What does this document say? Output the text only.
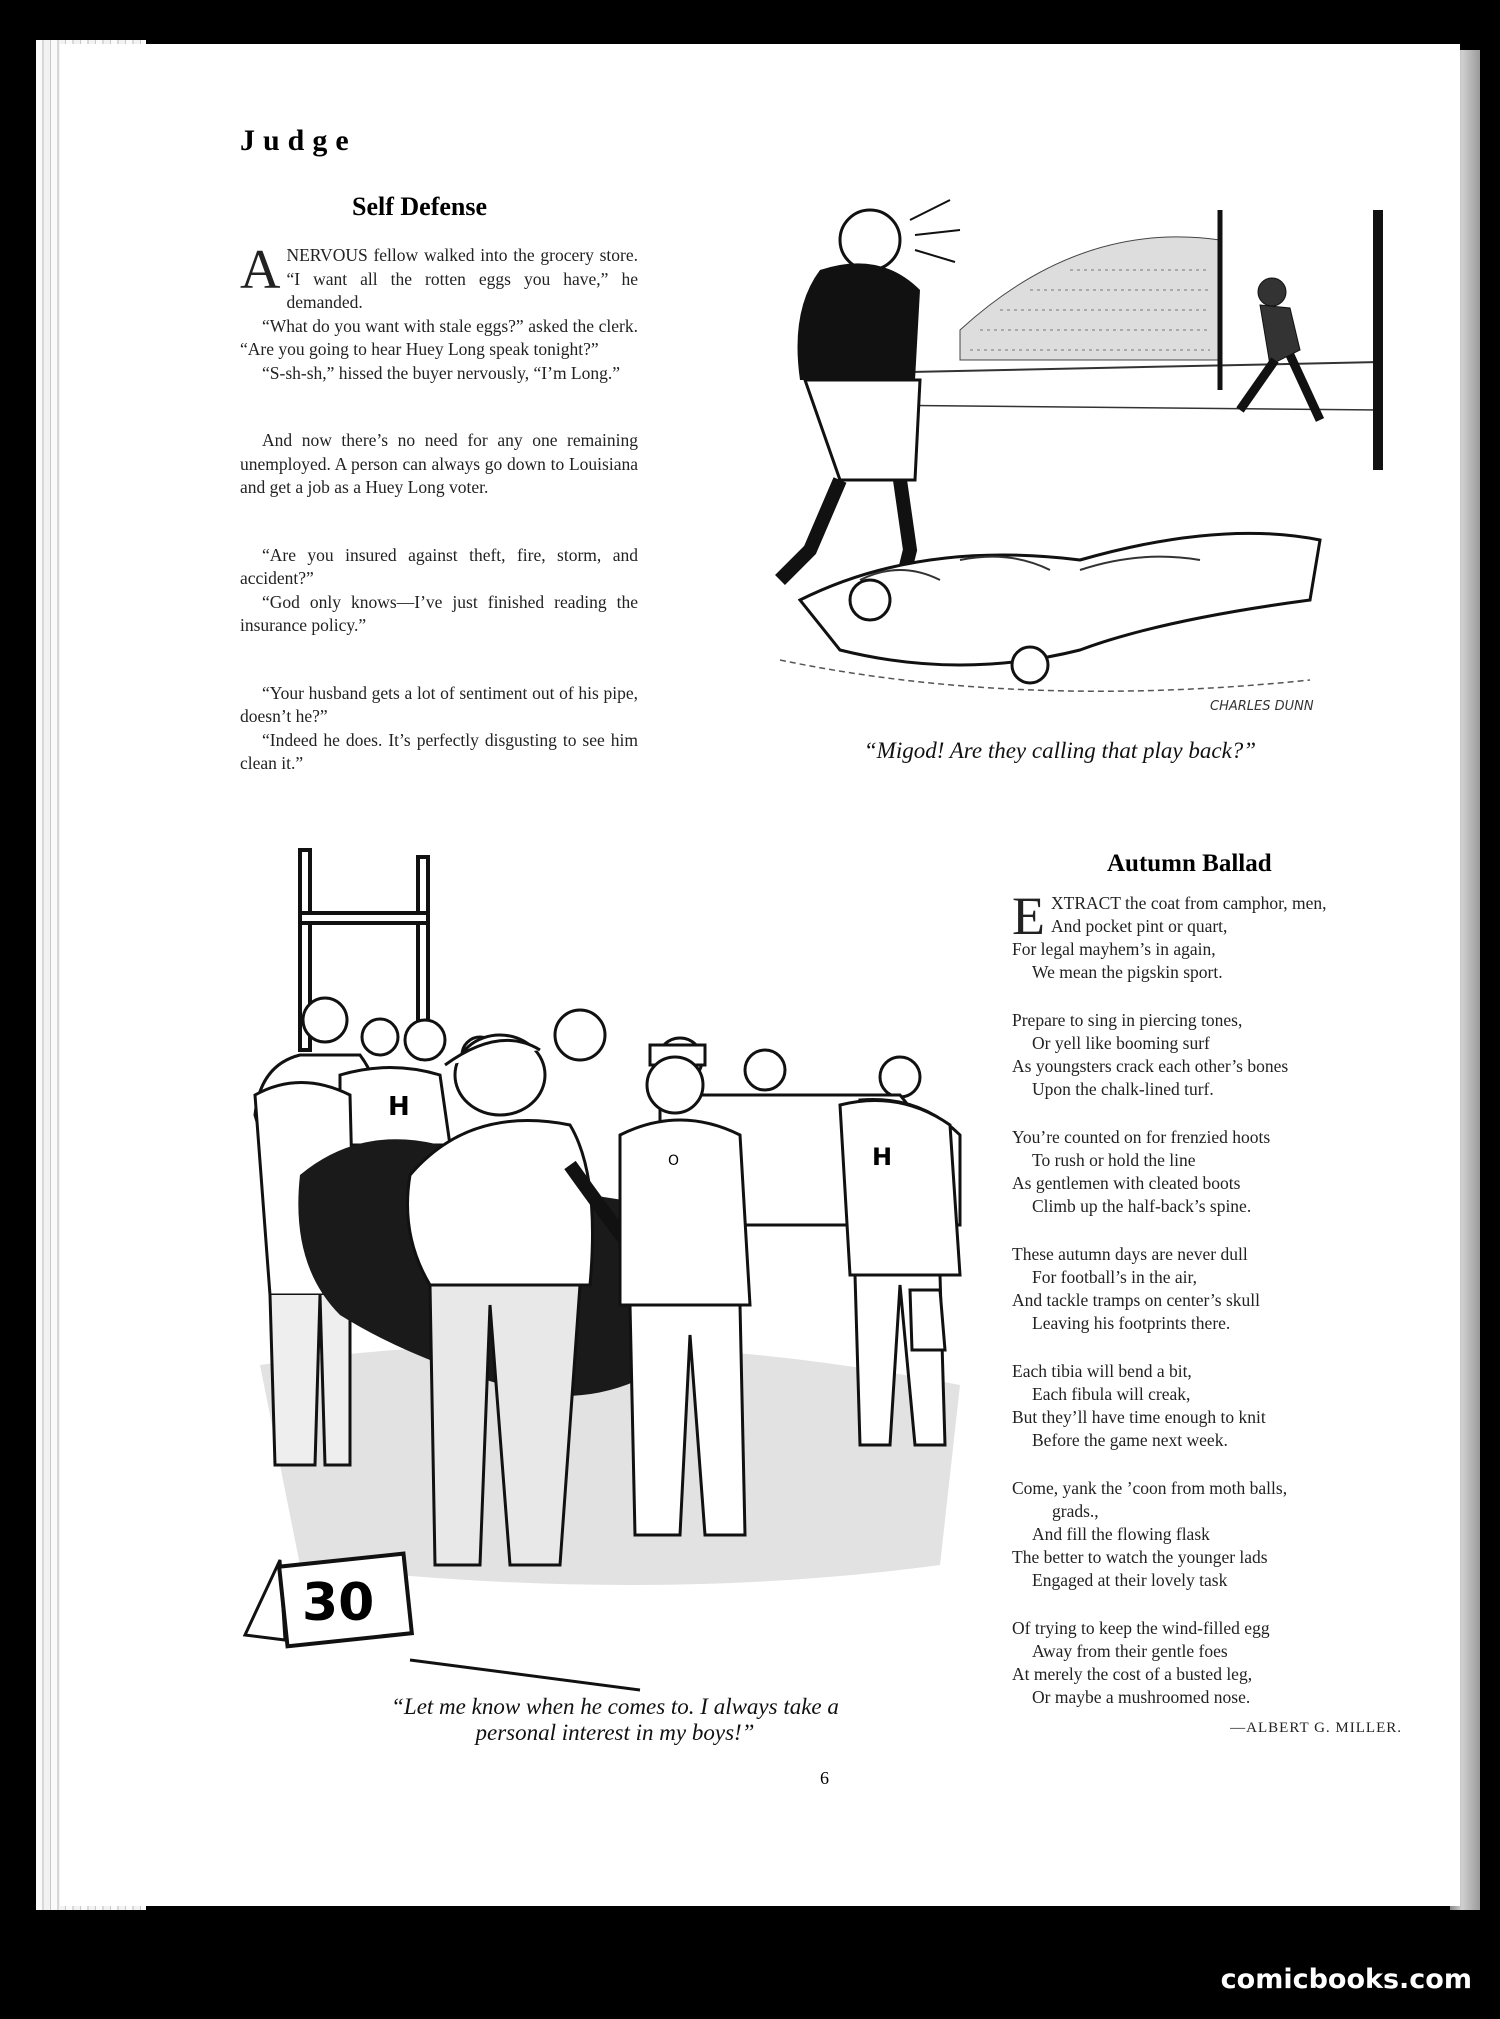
Judge
Self Defense

ANERVOUS fellow walked into the grocery store. “I want all the rotten eggs you have,” he demanded.

“What do you want with stale eggs?” asked the clerk. “Are you going to hear Huey Long speak tonight?”

“S-sh-sh,” hissed the buyer nervously, “I’m Long.”

And now there’s no need for any one remaining unemployed. A person can always go down to Louisiana and get a job as a Huey Long voter.

“Are you insured against theft, fire, storm, and accident?”

“God only knows—I’ve just finished reading the insurance policy.”

“Your husband gets a lot of sentiment out of his pipe, doesn’t he?”

“Indeed he does. It’s perfectly disgusting to see him clean it.”

CHARLES DUNN
“Migod! Are they calling that play back?”
H
H
O
30
“Let me know when he comes to. I always take a
personal interest in my boys!”
Autumn Ballad
E XTRACT the coat from camphor, men,
And pocket pint or quart,
For legal mayhem’s in again,
We mean the pigskin sport.
Prepare to sing in piercing tones,
Or yell like booming surf
As youngsters crack each other’s bones
Upon the chalk-lined turf.
You’re counted on for frenzied hoots
To rush or hold the line
As gentlemen with cleated boots
Climb up the half-back’s spine.
These autumn days are never dull
For football’s in the air,
And tackle tramps on center’s skull
Leaving his footprints there.
Each tibia will bend a bit,
Each fibula will creak,
But they’ll have time enough to knit
Before the game next week.
Come, yank the ’coon from moth balls,
grads.,
And fill the flowing flask
The better to watch the younger lads
Engaged at their lovely task
Of trying to keep the wind-filled egg
Away from their gentle foes
At merely the cost of a busted leg,
Or maybe a mushroomed nose.
—ALBERT G. MILLER.
6
comicbooks.com
